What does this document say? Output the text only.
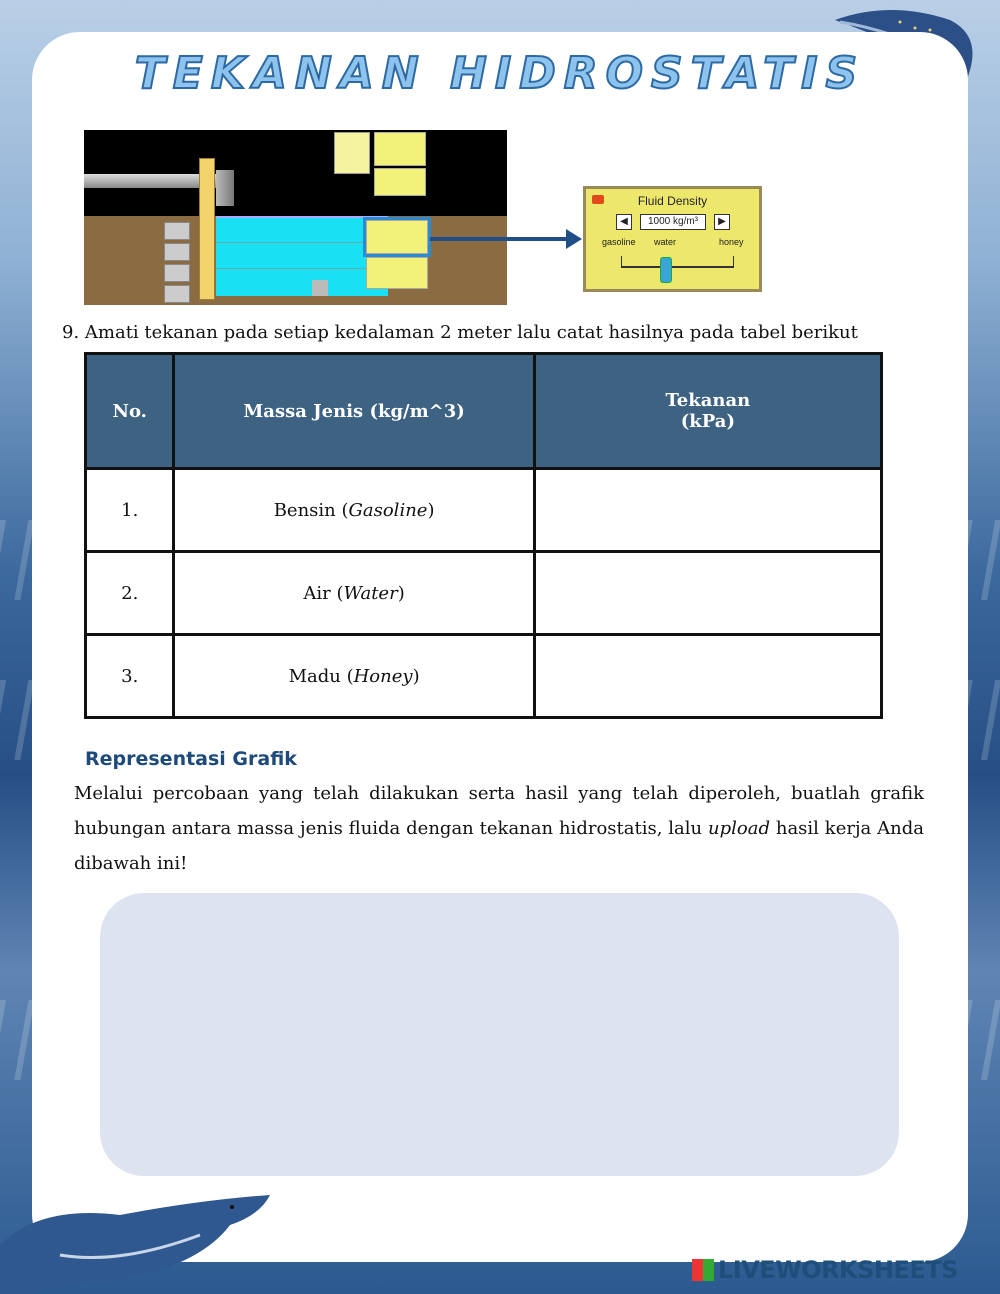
TEKANAN HIDROSTATIS
Fluid Density
◀	1000 kg/m³	▶
gasoline water	honey
9. Amati tekanan pada setiap kedalaman 2 meter lalu catat hasilnya pada tabel berikut
No.	Massa Jenis (kg/m^3)	Tekanan
(kPa)
1.	Bensin (Gasoline)	
2.	Air (Water)	
3.	Madu (Honey)	
Representasi Grafik
Melalui percobaan yang telah dilakukan serta hasil yang telah diperoleh, buatlah grafik hubungan antara massa jenis fluida dengan tekanan hidrostatis, lalu upload hasil kerja Anda dibawah ini!
LIVEWORKSHEETS
